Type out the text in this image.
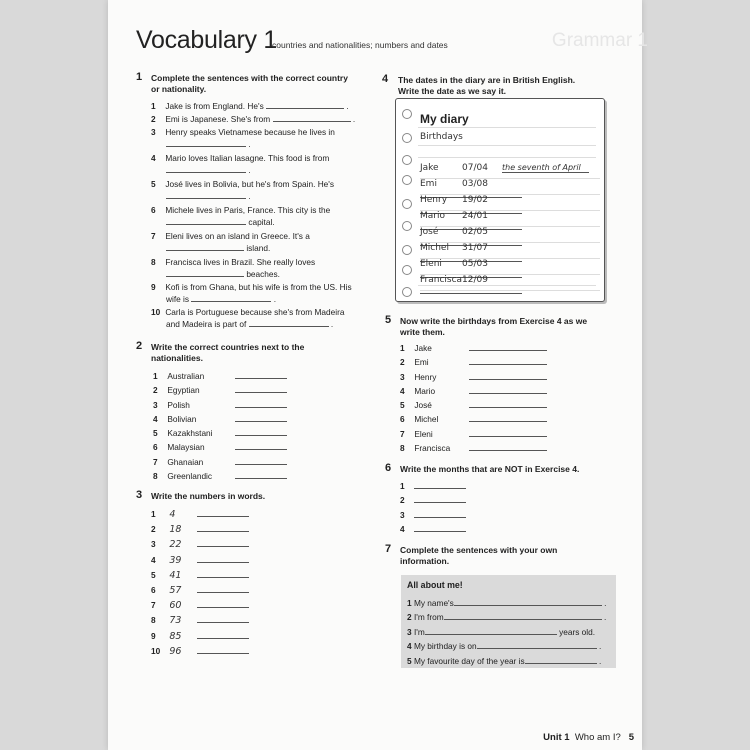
Grammar 1
Vocabulary 1
countries and nationalities; numbers and dates
1 Complete the sentences with the correct country
or nationality.
1 Jake is from England. He's	.
2 Emi is Japanese. She's from	.
3 Henry speaks Vietnamese because he lives in
.
4 Mario loves Italian lasagne. This food is from
.
5 José lives in Bolivia, but he's from Spain. He's
.
6 Michele lives in Paris, France. This city is the
capital.
7 Eleni lives on an island in Greece. It's a
island.
8 Francisca lives in Brazil. She really loves
beaches.
9 Kofi is from Ghana, but his wife is from the US. His
wife is	.
10 Carla is Portuguese because she's from Madeira
and Madeira is part of	.
2 Write the correct countries next to the
nationalities.
1 Australian
2 Egyptian
3 Polish
4 Bolivian
5 Kazakhstani
6 Malaysian
7 Ghanaian
8 Greenlandic
3 Write the numbers in words.
1 4
2 18
3 22
4 39
5 41
6 57
7 60
8 73
9 85
10 96
4 The dates in the diary are in British English.
Write the date as we say it.
My diary
Birthdays
Jake	07/04 the seventh of April
Emi	03/08
Henry 19/02
Mario 24/01
José	02/05
Michel 31/07
Eleni 05/03
Francisca12/09
5 Now write the birthdays from Exercise 4 as we
write them.
1 Jake
2 Emi
3 Henry
4 Mario
5 José
6 Michel
7 Eleni
8 Francisca
6 Write the months that are NOT in Exercise 4.
1
2
3
4
7 Complete the sentences with your own
information.
All about me!
1 My name's	.
2 I'm from	.
3 I'm	years old.
4 My birthday is on	.
5 My favourite day of the year is	.
Unit 1 Who am I? 5
